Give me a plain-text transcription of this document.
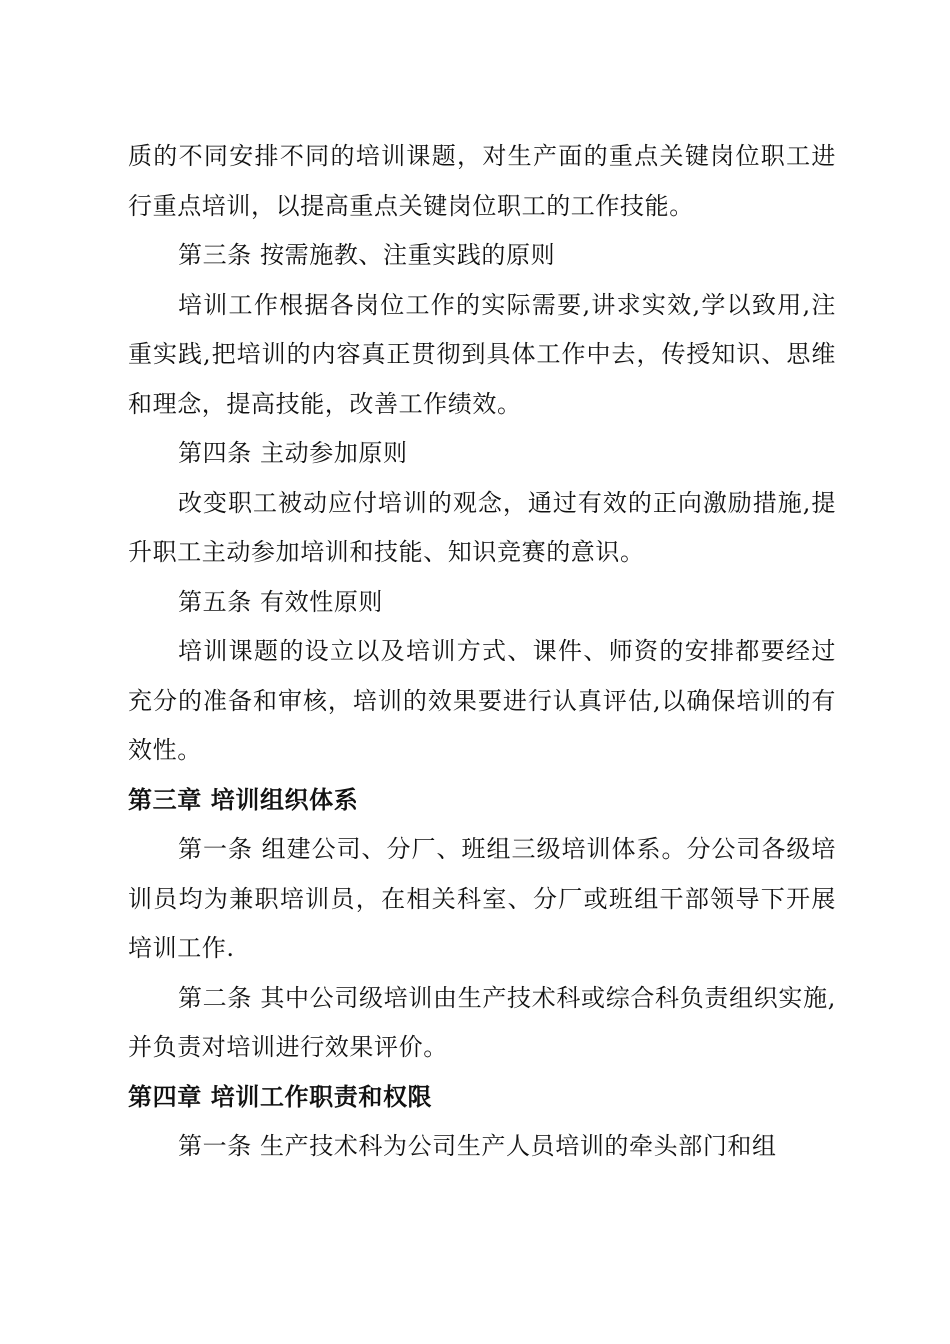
质的不同安排不同的培训课题，对生产面的重点关键岗位职工进行重点培训，以提高重点关键岗位职工的工作技能。

第三条 按需施教、注重实践的原则

培训工作根据各岗位工作的实际需要,讲求实效,学以致用,注重实践,把培训的内容真正贯彻到具体工作中去，传授知识、思维和理念，提高技能，改善工作绩效。

第四条 主动参加原则

改变职工被动应付培训的观念，通过有效的正向激励措施,提升职工主动参加培训和技能、知识竞赛的意识。

第五条 有效性原则

培训课题的设立以及培训方式、课件、师资的安排都要经过充分的准备和审核，培训的效果要进行认真评估,以确保培训的有效性。

第三章 培训组织体系

第一条 组建公司、分厂、班组三级培训体系。分公司各级培训员均为兼职培训员，在相关科室、分厂或班组干部领导下开展培训工作.

第二条 其中公司级培训由生产技术科或综合科负责组织实施,并负责对培训进行效果评价。

第四章 培训工作职责和权限

第一条 生产技术科为公司生产人员培训的牵头部门和组
